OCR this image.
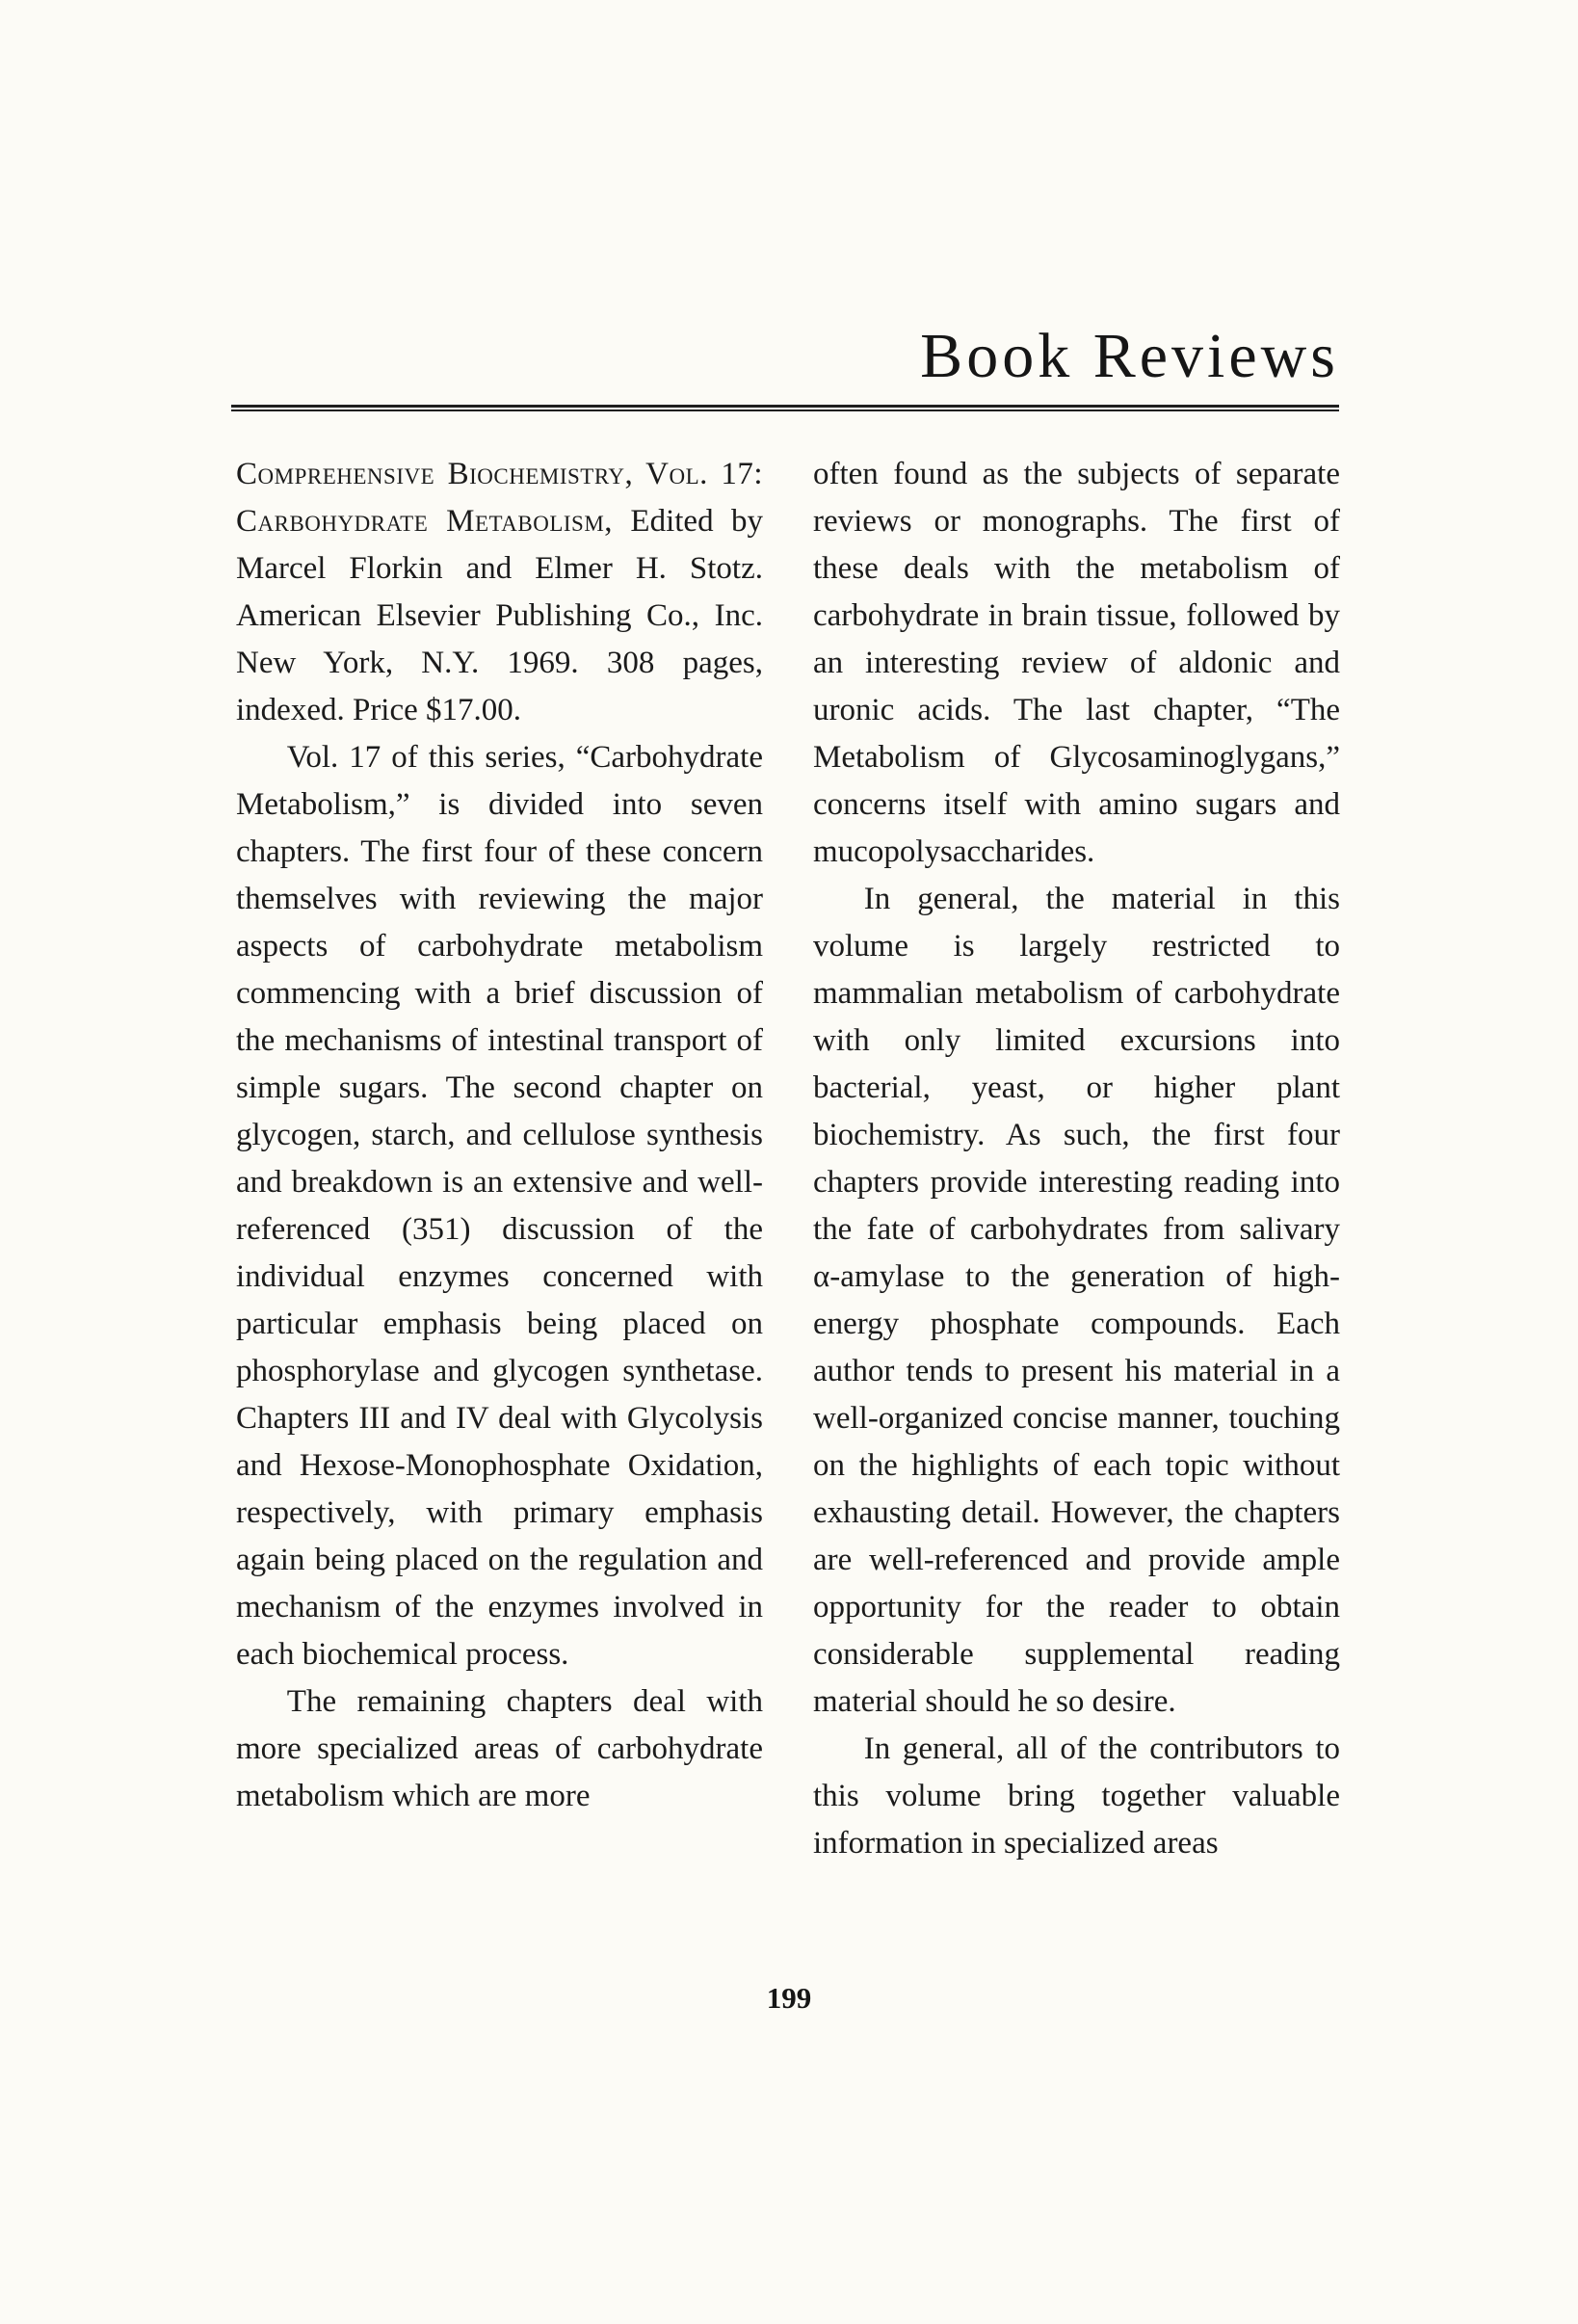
Book Reviews

Comprehensive Biochemistry, Vol. 17: Carbohydrate Metabolism, Edited by Marcel Florkin and Elmer H. Stotz. American Elsevier Publishing Co., Inc. New York, N.Y. 1969. 308 pages, indexed. Price $17.00.

Vol. 17 of this series, “Carbohydrate Metabolism,” is divided into seven chapters. The first four of these concern themselves with reviewing the major aspects of carbohydrate metabolism commencing with a brief discussion of the mechanisms of intestinal transport of simple sugars. The second chapter on glycogen, starch, and cellulose synthesis and breakdown is an extensive and well-referenced (351) discussion of the individual enzymes concerned with particular emphasis being placed on phosphorylase and glycogen synthetase. Chapters III and IV deal with Glycolysis and Hexose-Monophosphate Oxidation, respectively, with primary emphasis again being placed on the regulation and mechanism of the enzymes involved in each biochemical process.

The remaining chapters deal with more specialized areas of carbohydrate metabolism which are more

often found as the subjects of separate reviews or monographs. The first of these deals with the metabolism of carbohydrate in brain tissue, followed by an interesting review of aldonic and uronic acids. The last chapter, “The Metabolism of Glycosaminoglygans,” concerns itself with amino sugars and mucopolysaccharides.

In general, the material in this volume is largely restricted to mammalian metabolism of carbohydrate with only limited excursions into bacterial, yeast, or higher plant biochemistry. As such, the first four chapters provide interesting reading into the fate of carbohydrates from salivary α-amylase to the generation of high-energy phosphate compounds. Each author tends to present his material in a well-organized concise manner, touching on the highlights of each topic without exhausting detail. However, the chapters are well-referenced and provide ample opportunity for the reader to obtain considerable supplemental reading material should he so desire.

In general, all of the contributors to this volume bring together valuable information in specialized areas

199
